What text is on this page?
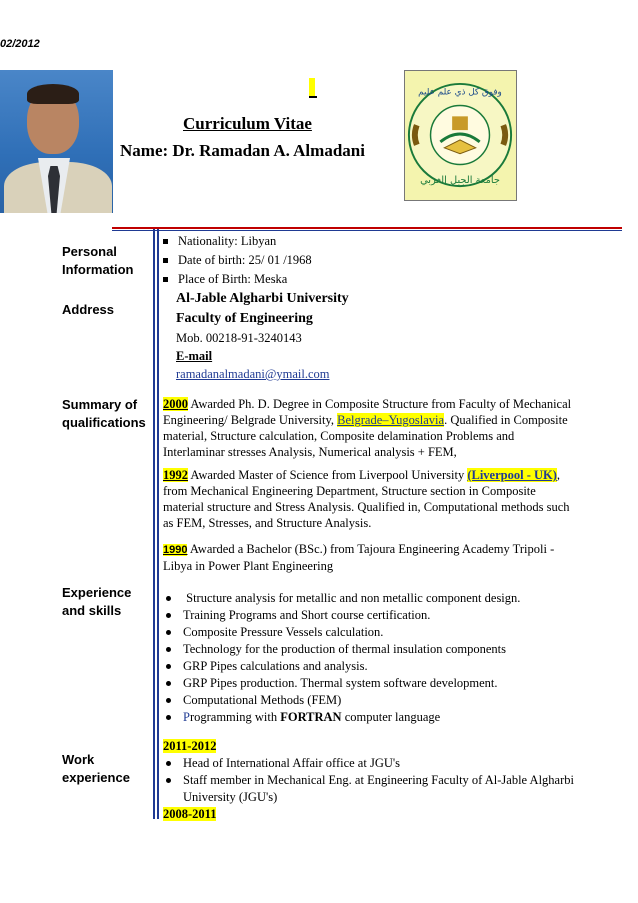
02/2012
Curriculum Vitae
Name: Dr. Ramadan A. Almadani
وفوق كل ذي علم عليم
جامعة الجبل الغربي
Personal
Information
Nationality: Libyan
Date of birth: 25/ 01 /1968
Place of Birth: Meska
Address
Al-Jable Algharbi University
Faculty of Engineering
Mob. 00218-91-3240143
E-mail
ramadanalmadani@ymail.com
Summary of
qualifications
2000 Awarded Ph. D. Degree in Composite Structure from Faculty of Mechanical
Engineering/ Belgrade University, Belgrade–Yugoslavia. Qualified in Composite
material, Structure calculation, Composite delamination Problems and
Interlaminar stresses Analysis, Numerical analysis + FEM,
1992 Awarded Master of Science from Liverpool University (Liverpool - UK),
from Mechanical Engineering Department, Structure section in Composite
material structure and Stress Analysis. Qualified in, Computational methods such
as FEM, Stresses, and Structure Analysis.
1990 Awarded a Bachelor (BSc.) from Tajoura Engineering Academy Tripoli -
Libya in Power Plant Engineering
Experience
and skills
Structure analysis for metallic and non metallic component design.
Training Programs and Short course certification.
Composite Pressure Vessels calculation.
Technology for the production of thermal insulation components
GRP Pipes calculations and analysis.
GRP Pipes production. Thermal system software development.
Computational Methods (FEM)
Programming with FORTRAN computer language
Work
experience
2011-2012
Head of International Affair office at JGU's
Staff member in Mechanical Eng. at Engineering Faculty of Al-Jable Algharbi
University (JGU's)
2008-2011
